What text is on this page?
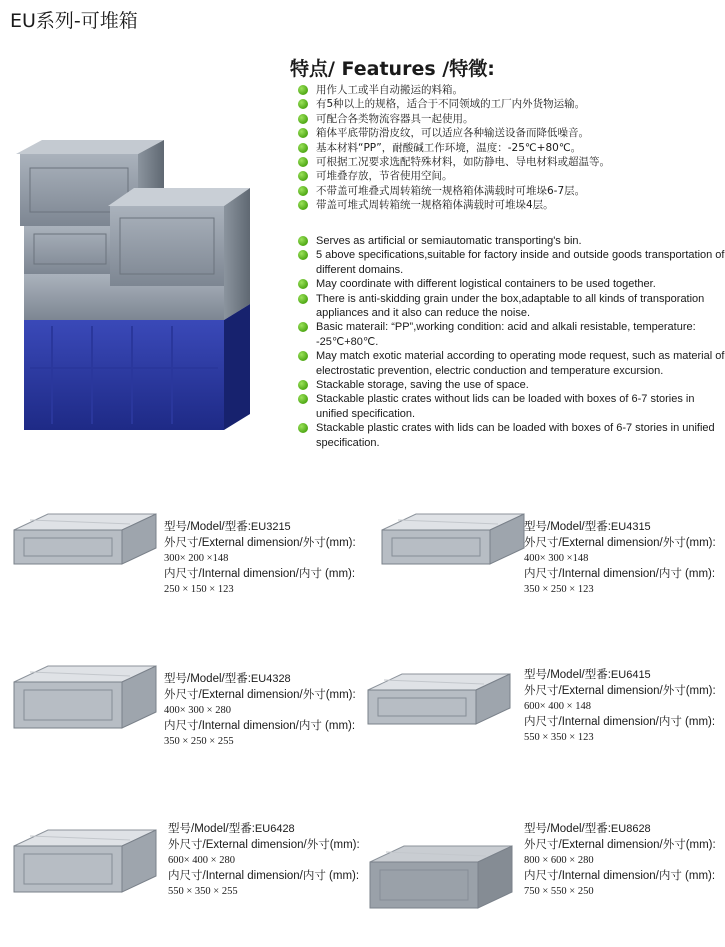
EU系列-可堆箱
特点/ Features /特徵:
用作人工或半自动搬运的料箱。
有5种以上的规格，适合于不同领域的工厂内外货物运输。
可配合各类物流容器具一起使用。
箱体平底带防滑皮纹，可以适应各种输送设备而降低噪音。
基本材料“PP”，耐酸碱工作环境，温度：-25℃+80℃。
可根据工况要求选配特殊材料，如防静电、导电材料或超温等。
可堆叠存放，节省使用空间。
不带盖可堆叠式周转箱统一规格箱体满载时可堆垛6-7层。
带盖可堆式周转箱统一规格箱体满载时可堆垛4层。
Serves as artificial or semiautomatic transporting's bin.
5 above specifications,suitable for factory inside and outside goods transportation of different domains.
May coordinate with different logistical containers to be used together.
There is anti-skidding grain under the box,adaptable to all kinds of transporation appliances and it also can reduce the noise.
Basic materail: “PP”,working condition: acid and alkali resistable, temperature: -25℃+80℃.
May match exotic material according to operating mode request, such as material of electrostatic prevention, electric conduction and temperature excursion.
Stackable storage, saving the use of space.
Stackable plastic crates without lids can be loaded with boxes of 6-7 stories in unified specification.
Stackable plastic crates with lids can be loaded with boxes of 6-7 stories in unified specification.
型号/Model/型番:EU3215
外尺寸/External dimension/外寸(mm):
300× 200 ×148
内尺寸/Internal dimension/内寸 (mm):
250 × 150 × 123
型号/Model/型番:EU4315
外尺寸/External dimension/外寸(mm):
400× 300 ×148
内尺寸/Internal dimension/内寸 (mm):
350 × 250 × 123
型号/Model/型番:EU4328
外尺寸/External dimension/外寸(mm):
400× 300 × 280
内尺寸/Internal dimension/内寸 (mm):
350 × 250 × 255
型号/Model/型番:EU6415
外尺寸/External dimension/外寸(mm):
600× 400 × 148
内尺寸/Internal dimension/内寸 (mm):
550 × 350 × 123
型号/Model/型番:EU6428
外尺寸/External dimension/外寸(mm):
600× 400 × 280
内尺寸/Internal dimension/内寸 (mm):
550 × 350 × 255
型号/Model/型番:EU8628
外尺寸/External dimension/外寸(mm):
800 × 600 × 280
内尺寸/Internal dimension/内寸 (mm):
750 × 550 × 250
